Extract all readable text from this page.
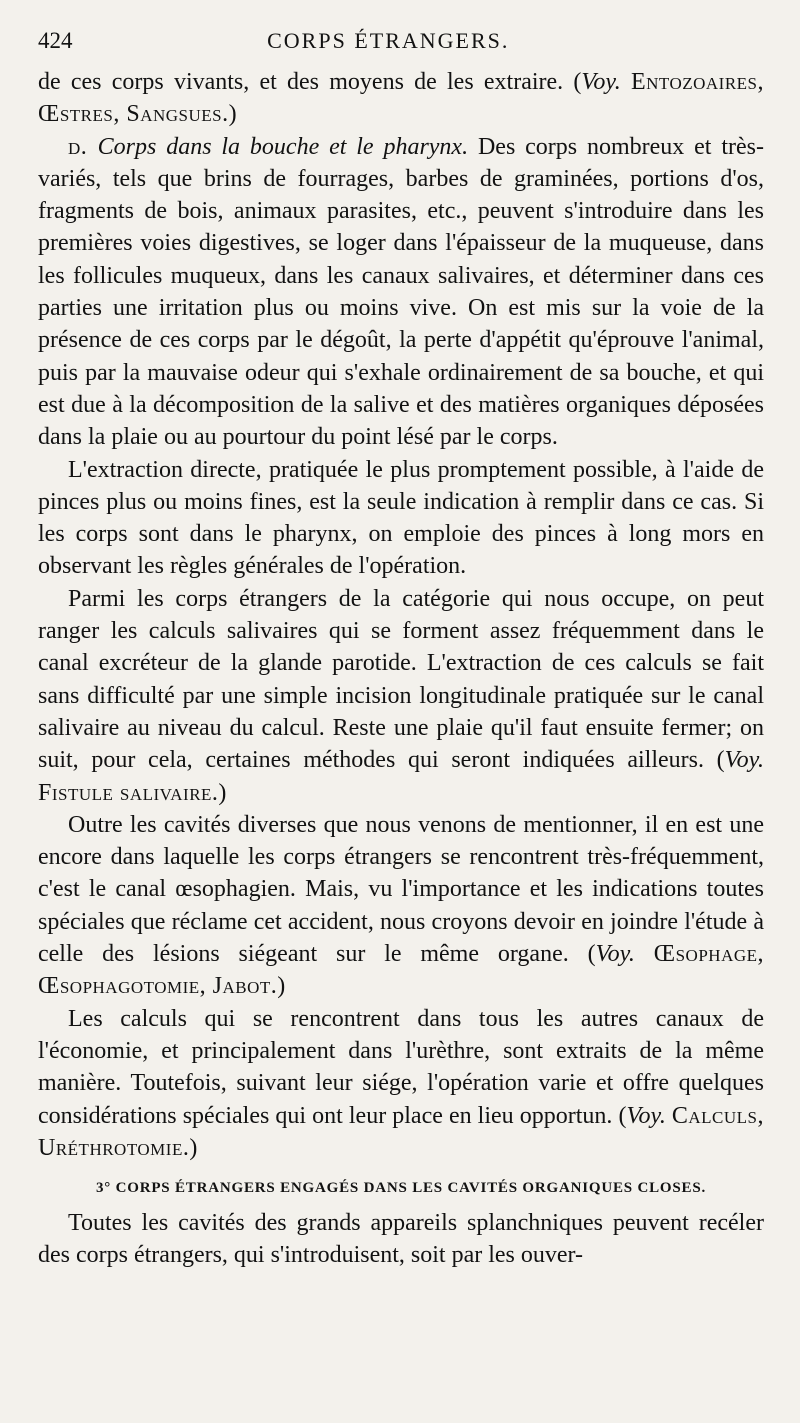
424	CORPS ÉTRANGERS.

de ces corps vivants, et des moyens de les extraire. (Voy. Entozoaires, Œstres, Sangsues.)

d. Corps dans la bouche et le pharynx. Des corps nombreux et très-variés, tels que brins de fourrages, barbes de graminées, portions d'os, fragments de bois, animaux parasites, etc., peuvent s'introduire dans les premières voies digestives, se loger dans l'épaisseur de la muqueuse, dans les follicules muqueux, dans les canaux salivaires, et déterminer dans ces parties une irritation plus ou moins vive. On est mis sur la voie de la présence de ces corps par le dégoût, la perte d'appétit qu'éprouve l'animal, puis par la mauvaise odeur qui s'exhale ordinairement de sa bouche, et qui est due à la décomposition de la salive et des matières organiques déposées dans la plaie ou au pourtour du point lésé par le corps.

L'extraction directe, pratiquée le plus promptement possible, à l'aide de pinces plus ou moins fines, est la seule indication à remplir dans ce cas. Si les corps sont dans le pharynx, on emploie des pinces à long mors en observant les règles générales de l'opération.

Parmi les corps étrangers de la catégorie qui nous occupe, on peut ranger les calculs salivaires qui se forment assez fréquemment dans le canal excréteur de la glande parotide. L'extraction de ces calculs se fait sans difficulté par une simple incision longitudinale pratiquée sur le canal salivaire au niveau du calcul. Reste une plaie qu'il faut ensuite fermer; on suit, pour cela, certaines méthodes qui seront indiquées ailleurs. (Voy. Fistule salivaire.)

Outre les cavités diverses que nous venons de mentionner, il en est une encore dans laquelle les corps étrangers se rencontrent très-fréquemment, c'est le canal œsophagien. Mais, vu l'importance et les indications toutes spéciales que réclame cet accident, nous croyons devoir en joindre l'étude à celle des lésions siégeant sur le même organe. (Voy. Œsophage, Œsophagotomie, Jabot.)

Les calculs qui se rencontrent dans tous les autres canaux de l'économie, et principalement dans l'urèthre, sont extraits de la même manière. Toutefois, suivant leur siége, l'opération varie et offre quelques considérations spéciales qui ont leur place en lieu opportun. (Voy. Calculs, Uréthrotomie.)

3° CORPS ÉTRANGERS ENGAGÉS DANS LES CAVITÉS ORGANIQUES CLOSES.

Toutes les cavités des grands appareils splanchniques peuvent recéler des corps étrangers, qui s'introduisent, soit par les ouver-
